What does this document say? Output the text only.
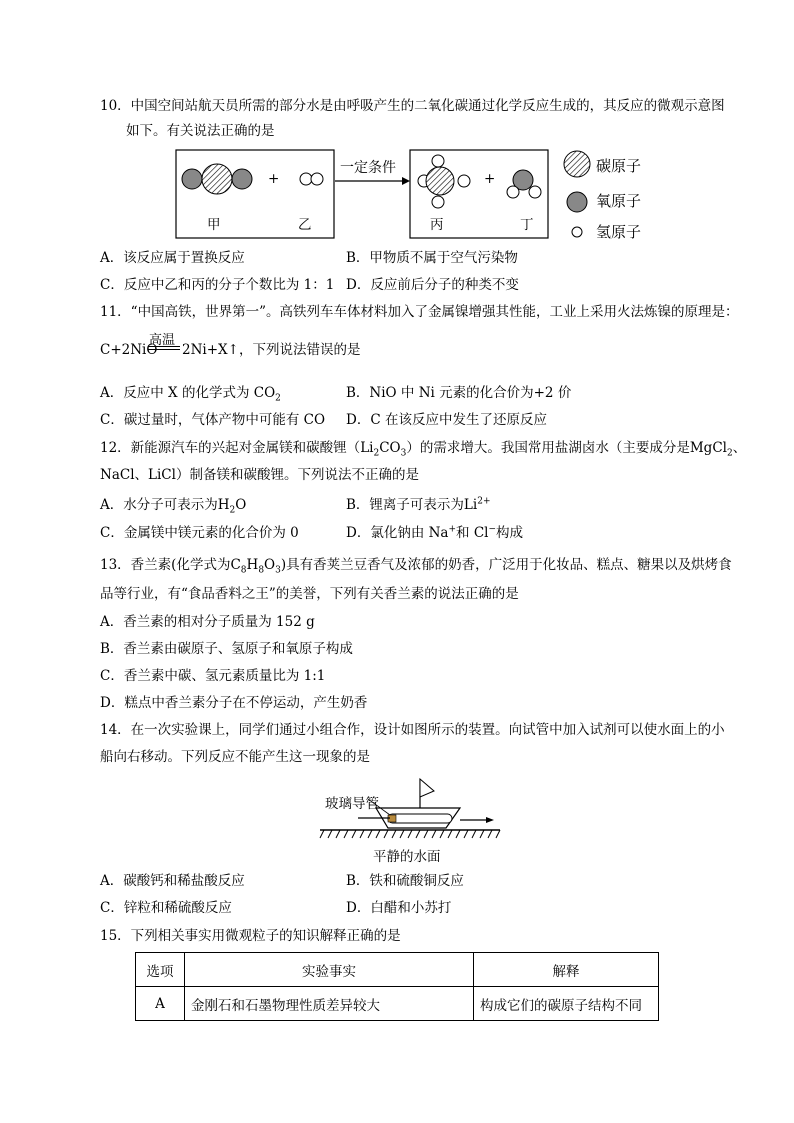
10．中国空间站航天员所需的部分水是由呼吸产生的二氧化碳通过化学反应生成的，其反应的微观示意图
如下。有关说法正确的是
+	+
一定条件
甲	乙	丙	丁
碳原子
氧原子
氢原子
A．该反应属于置换反应	B．甲物质不属于空气污染物
C．反应中乙和丙的分子个数比为 1：1 D．反应前后分子的种类不变
11．“中国高铁，世界第一”。高铁列车车体材料加入了金属镍增强其性能，工业上采用火法炼镍的原理是：
高温
C+2NiO 2Ni+X↑，下列说法错误的是
A．反应中 X 的化学式为 $CO_2$	B．NiO 中 Ni 元素的化合价为+2 价
C．碳过量时，气体产物中可能有 CO D．C 在该反应中发生了还原反应
12．新能源汽车的兴起对金属镁和碳酸锂$(Li_2CO_3)$的需求增大。我国常用盐湖卤水（主要成分是MgCl$_2$、
NaCl、LiCl）制备镁和碳酸锂。下列说法不正确的是
A．水分子可表示为$H_2O$	B．锂离子可表示为$Li^{2+}$
C．金属镁中镁元素的化合价为 0	D．氯化钠由 Na+和 Cl−构成
13．香兰素(化学式为$C_8H_8O_3$)具有香荚兰豆香气及浓郁的奶香，广泛用于化妆品、糕点、糖果以及烘烤食
品等行业，有“食品香料之王”的美誉，下列有关香兰素的说法正确的是
A．香兰素的相对分子质量为 152 g
B．香兰素由碳原子、氢原子和氧原子构成
C．香兰素中碳、氢元素质量比为 1:1
D．糕点中香兰素分子在不停运动，产生奶香
14．在一次实验课上，同学们通过小组合作，设计如图所示的装置。向试管中加入试剂可以使水面上的小
船向右移动。下列反应不能产生这一现象的是
玻璃导管
平静的水面
A．碳酸钙和稀盐酸反应	B．铁和硫酸铜反应
C．锌粒和稀硫酸反应	D．白醋和小苏打
15．下列相关事实用微观粒子的知识解释正确的是
选项	实验事实	解释
A	金刚石和石墨物理性质差异较大	构成它们的碳原子结构不同
